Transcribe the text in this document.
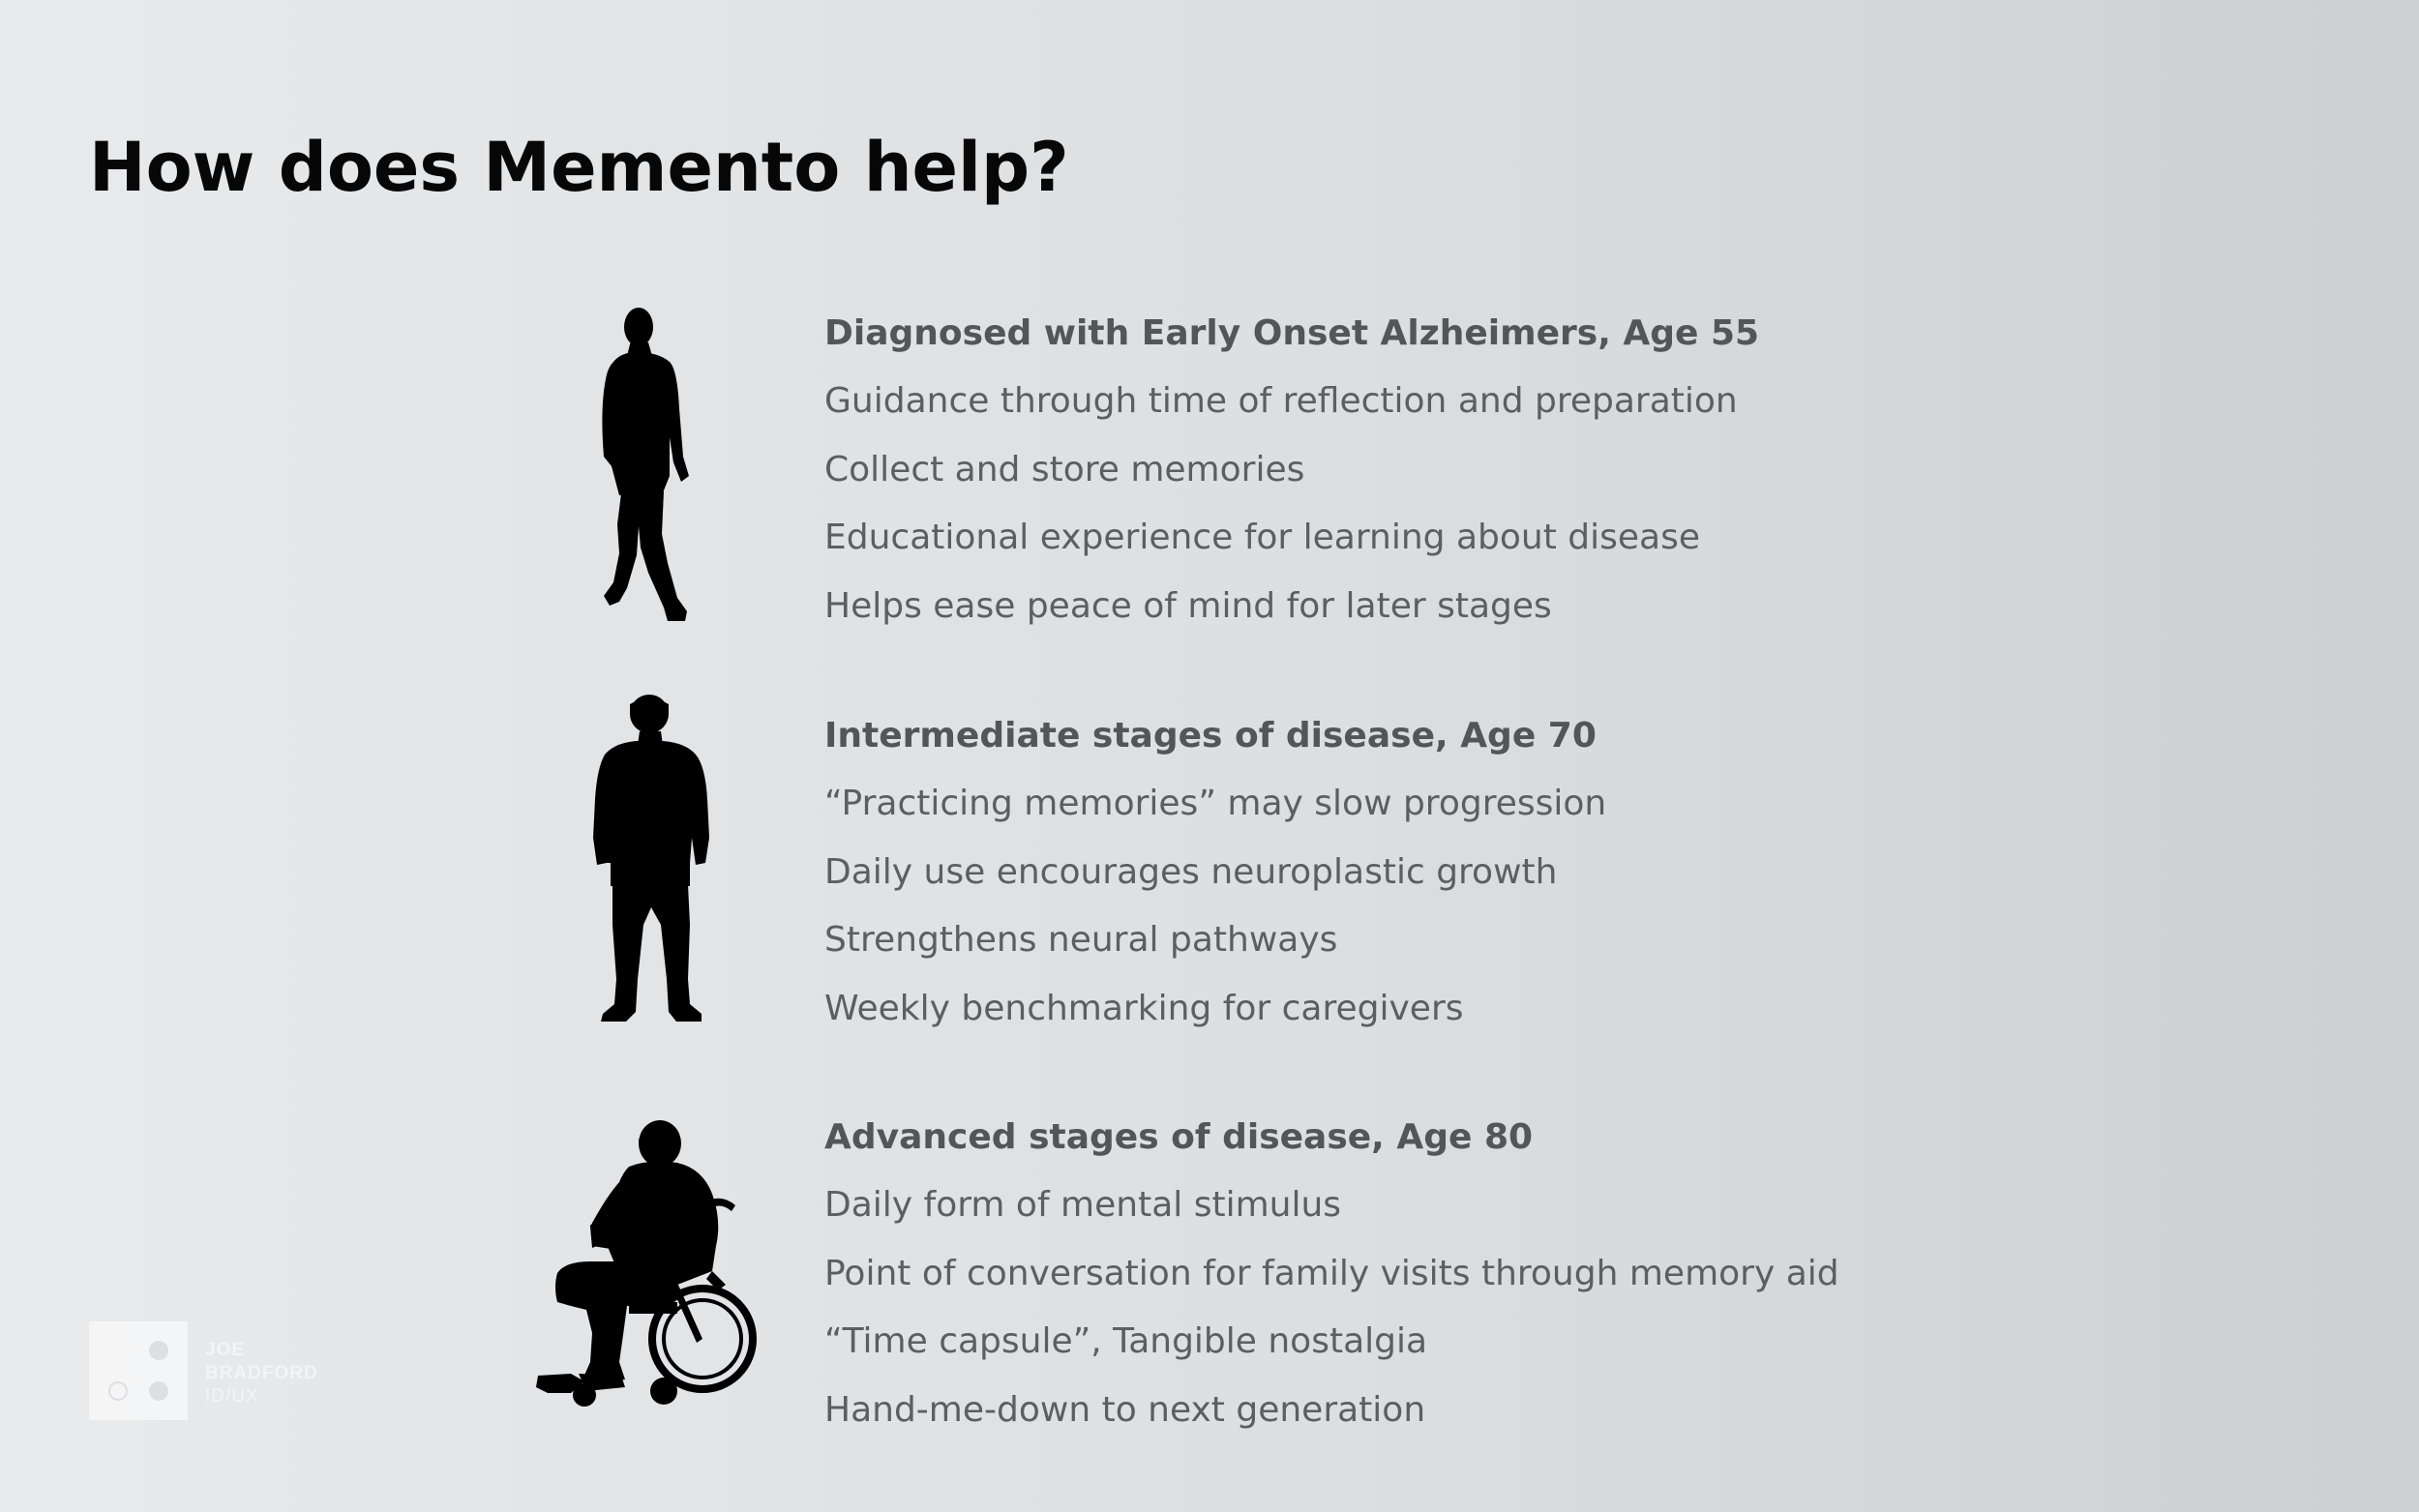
How does Memento help?
Diagnosed with Early Onset Alzheimers, Age 55
Guidance through time of reflection and preparation
Collect and store memories
Educational experience for learning about disease
Helps ease peace of mind for later stages
Intermediate stages of disease, Age 70
“Practicing memories” may slow progression
Daily use encourages neuroplastic growth
Strengthens neural pathways
Weekly benchmarking for caregivers
Advanced stages of disease, Age 80
Daily form of mental stimulus
Point of conversation for family visits through memory aid
“Time capsule”, Tangible nostalgia
Hand-me-down to next generation
JOE
BRADFORD
ID/UX
